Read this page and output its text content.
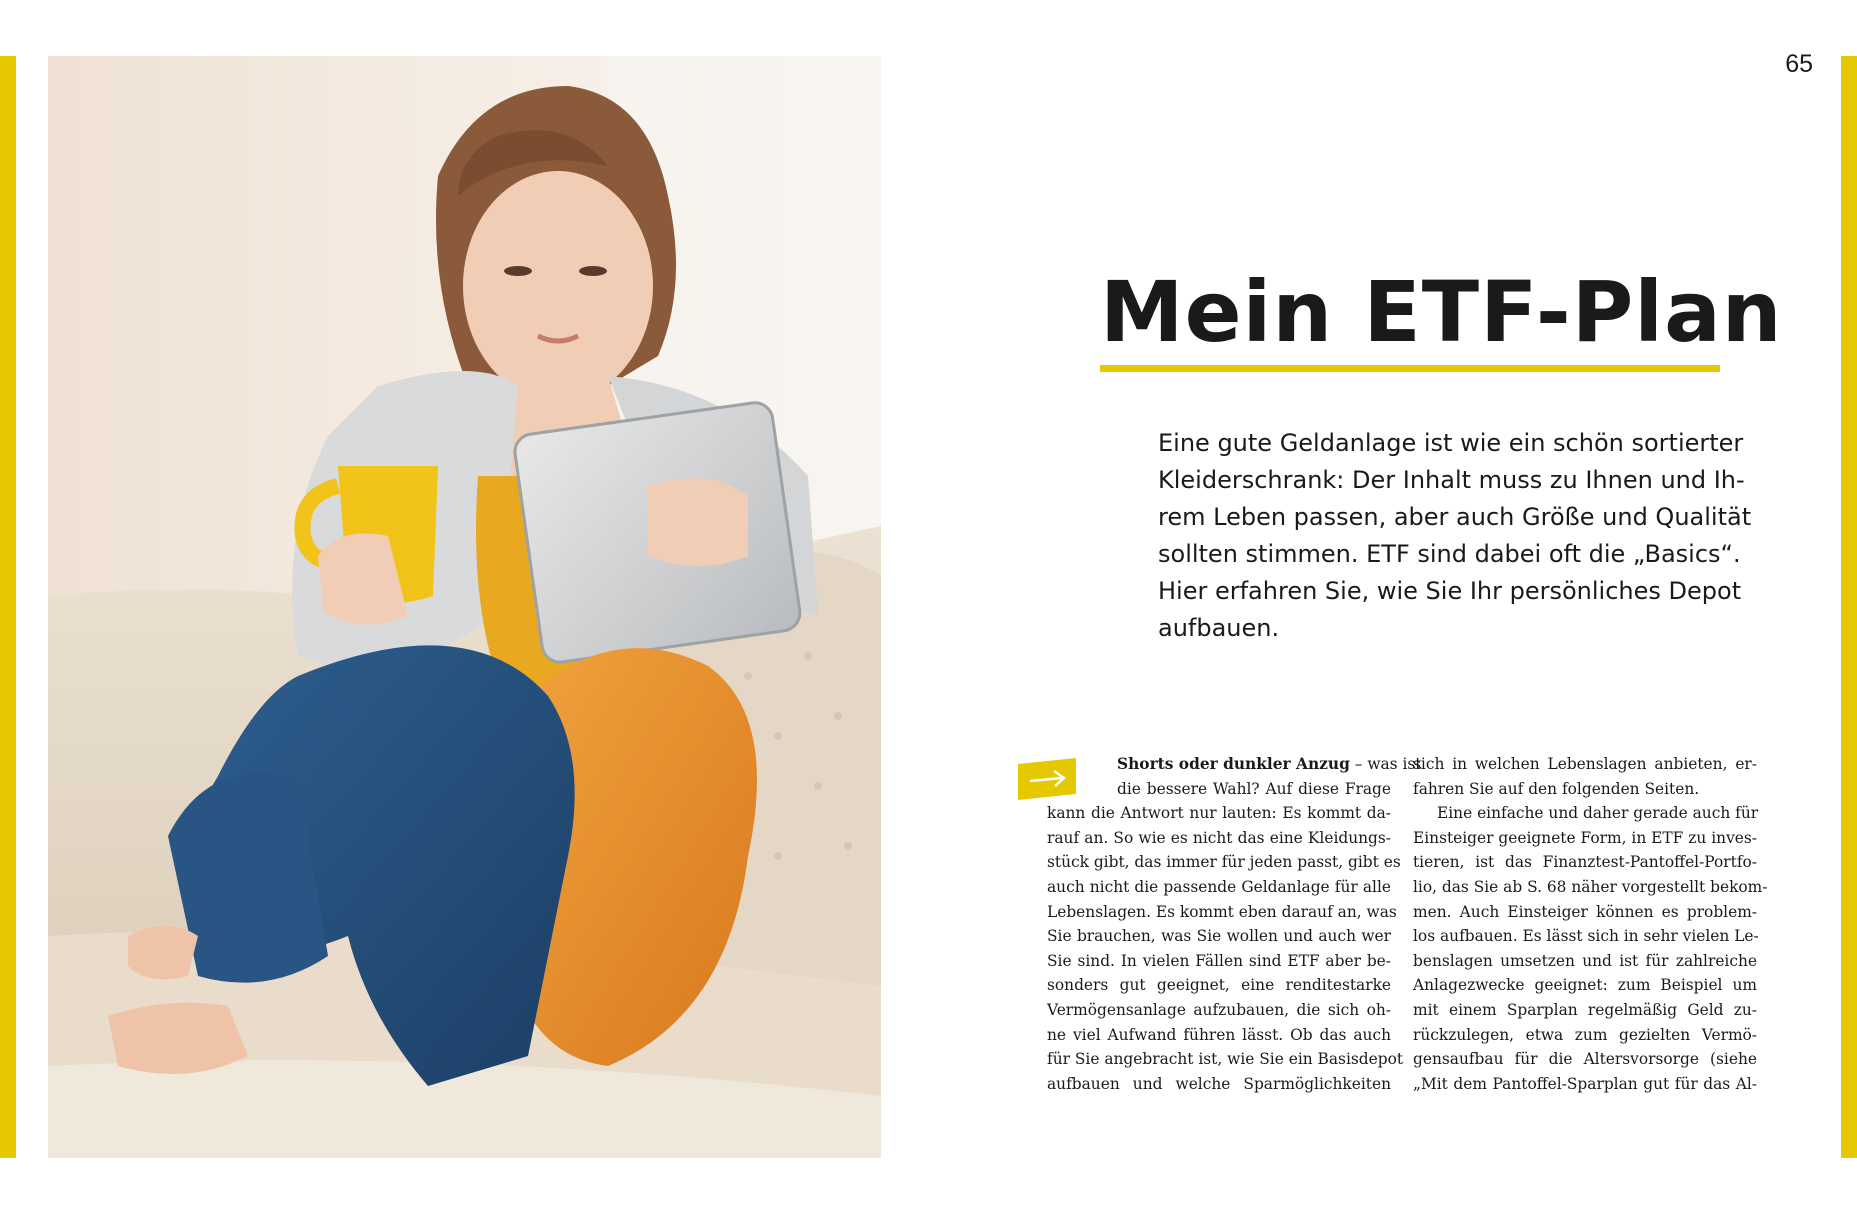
65
Mein ETF-Plan

Eine gute Geldanlage ist wie ein schön sortierter

Kleiderschrank: Der Inhalt muss zu Ihnen und Ih-

rem Leben passen, aber auch Größe und Qualität

sollten stimmen. ETF sind dabei oft die „Basics“.

Hier erfahren Sie, wie Sie Ihr persönliches Depot

aufbauen.

Shorts oder dunkler Anzug – was ist
die bessere Wahl? Auf diese Frage
kann die Antwort nur lauten: Es kommt da-
rauf an. So wie es nicht das eine Kleidungs-
stück gibt, das immer für jeden passt, gibt es
auch nicht die passende Geldanlage für alle
Lebenslagen. Es kommt eben darauf an, was
Sie brauchen, was Sie wollen und auch wer
Sie sind. In vielen Fällen sind ETF aber be-
sonders gut geeignet, eine renditestarke
Vermögensanlage aufzubauen, die sich oh-
ne viel Aufwand führen lässt. Ob das auch
für Sie angebracht ist, wie Sie ein Basisdepot
aufbauen und welche Sparmöglichkeiten
sich in welchen Lebenslagen anbieten, er-
fahren Sie auf den folgenden Seiten.
Eine einfache und daher gerade auch für
Einsteiger geeignete Form, in ETF zu inves-
tieren, ist das Finanztest-Pantoffel-Portfo-
lio, das Sie ab S. 68 näher vorgestellt bekom-
men. Auch Einsteiger können es problem-
los aufbauen. Es lässt sich in sehr vielen Le-
benslagen umsetzen und ist für zahlreiche
Anlagezwecke geeignet: zum Beispiel um
mit einem Sparplan regelmäßig Geld zu-
rückzulegen, etwa zum gezielten Vermö-
gensaufbau für die Altersvorsorge (siehe
„Mit dem Pantoffel-Sparplan gut für das Al-
